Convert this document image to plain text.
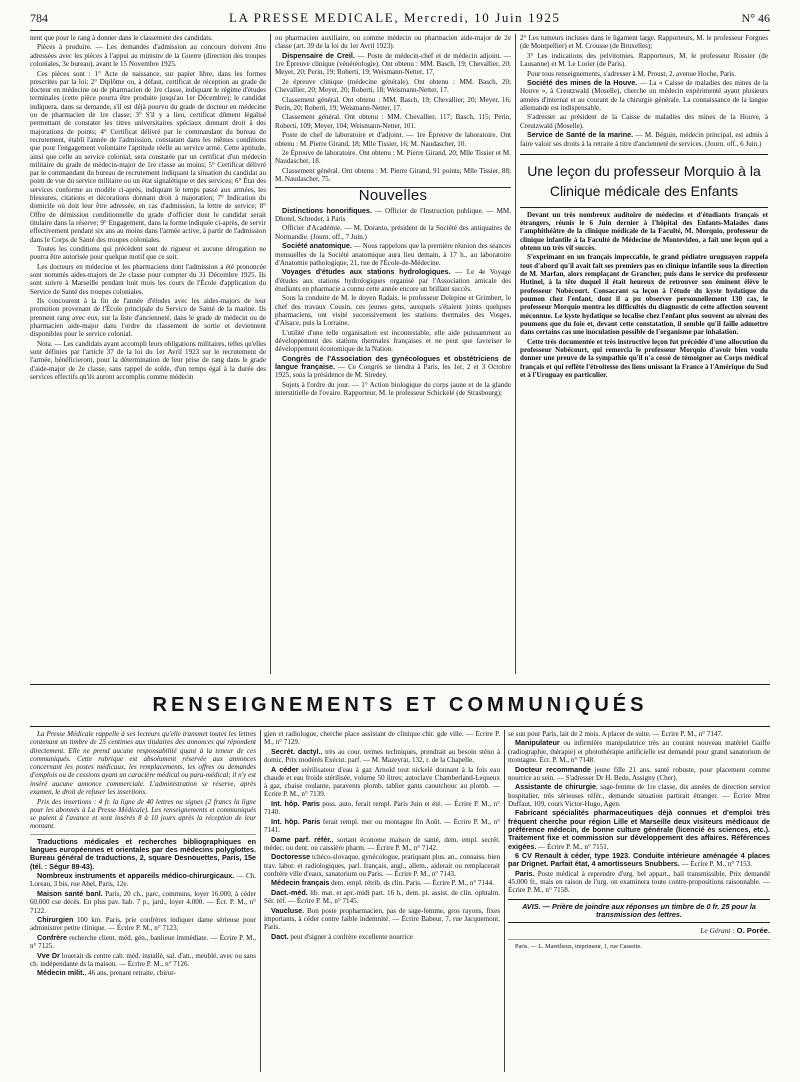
784	LA PRESSE MEDICALE, Mercredi, 10 Juin 1925	N° 46

nent que pour le rang à donner dans le classement des candidats.

Pièces à produire. — Les demandes d'admission au concours doivent être adressées avec les pièces à l'appui au ministre de la Guerre (direction des troupes coloniales, 3e bureau), avant le 15 Novembre 1925.

Ces pièces sont : 1° Acte de naissance, sur papier libre, dans les formes prescrites par la loi; 2° Diplôme ou, à défaut, certificat de réception au grade de docteur en médecine ou de pharmacien de 1re classe, indiquant le régime d'études terminales (cette pièce pourra être produite jusqu'au 1er Décembre); le candidat indiquera, dans sa demande, s'il est déjà pourvu du grade de docteur en médecine ou de pharmacien de 1re classe; 3° S'il y a lieu, certificat dûment légalisé permettant de constater les titres universitaires spéciaux donnant droit à des majorations de points; 4° Certificat délivré par le commandant du bureau de recrutement, établi l'année de l'admission, constatant dans les mêmes conditions que pour l'engagement volontaire l'aptitude réelle au service armé. Cette aptitude, ainsi que celle au service colonial, sera constatée par un certificat d'un médecin militaire du grade de médecin-major de 1re classe au moins; 5° Certificat délivré par le commandant du bureau de recrutement indiquant la situation du candidat au point de vue du service militaire ou un état signalétique et des services; 6° État des services conforme au modèle ci-après, indiquant le temps passé aux armées, les blessures, citations et décorations donnant droit à majoration; 7° Indication du domicile où doit leur être adressée, en cas d'admission, la lettre de service; 8° Offre de démission conditionnelle du grade d'officier dont le candidat serait titulaire dans la réserve; 9° Engagement, dans la forme indiquée ci-après, de servir effectivement pendant six ans au moins dans l'armée active, à partir de l'admission dans le Corps de Santé des troupes coloniales.

Toutes les conditions qui précèdent sont de rigueur et aucune dérogation ne pourra être autorisée pour quelque motif que ce soit.

Les docteurs en médecine et les pharmaciens dont l'admission a été prononcée sont nommés aides-majors de 2e classe pour compter du 31 Décembre 1925. Ils sont suivre à Marseille pendant huit mois les cours de l'École d'application du Service de Santé des troupes coloniales.

Ils concourent à la fin de l'année d'études avec les aides-majors de leur promotion provenant de l'École principale du Service de Santé de la marine. Ils prennent rang avec eux, sur la liste d'ancienneté, dans le grade de médecin ou de pharmacien aide-major dans l'ordre du classement de sortie et deviennent disponibles pour le service colonial.

Nota. — Les candidats ayant accompli leurs obligations militaires, telles qu'elles sont définies par l'article 37 de la loi du 1er Avril 1923 sur le recrutement de l'armée, bénéficieront, pour la détermination de leur prise de rang dans le grade d'aide-major de 2e classe, sans rappel de solde, d'un temps égal à la durée des services effectifs qu'ils auront accomplis comme médecin

ou pharmacien auxiliaire, ou comme médecin ou pharmacien aide-major de 2e classe (art. 39 de la loi du 1er Avril 1923).

Dispensaire de Creil. — Poste de médecin-chef et de médecin adjoint. — 1re Épreuve clinique (vénéréologie). Ont obtenu : MM. Basch, 19; Chevallier, 20; Meyer, 20; Perin, 19; Roberti, 19; Weismann-Netter, 17.

2e épreuve clinique (médecine générale). Ont obtenu : MM. Basch, 20; Chevallier, 20; Meyer, 20; Roberti, 18; Weismann-Netter, 17.

Classement général. Ont obtenu : MM. Basch, 19; Chevallier, 20; Meyer, 16; Perin, 20; Roberti, 19; Weismann-Netter, 17.

Classement général. Ont obtenu : MM. Chevallier, 117; Basch, 115; Perin, Roberti, 109; Meyer, 104; Weismann-Netter, 101.

Poste de chef de laboratoire et d'adjoint. — 1re Épreuve de laboratoire. Ont obtenu : M. Pierre Girand, 18; Mlle Tissier, 16; M. Naudascher, 10.

2e Épreuve de laboratoire. Ont obtenu : M. Pierre Girand, 20; Mlle Tissier et M. Naudascher, 18.

Classement général. Ont obtenu : M. Pierre Girand, 91 points; Mlle Tissier, 88; M. Naudascher, 75.

Nouvelles

Distinctions honorifiques. — Officier de l'Instruction publique. — MM. Dhotel, Schreder, à Paris

Officier d'Académie. — M. Doranto, président de la Société des antiquaires de Normandie. (Journ. off., 7 Juin.)

Société anatomique. — Nous rappelons que la première réunion des séances mensuelles de la Société anatomique aura lieu demain, à 17 h., au laboratoire d'Anatomie pathologique, 21, rue de l'École-de-Médecine.

Voyages d'études aux stations hydrologiques. — Le 4e Voyage d'études aux stations hydrologiques organisé par l'Association amicale des étudiants en pharmacie a connu cette année encore un brillant succès.

Sous la conduite de M. le doyen Radais, le professeur Delepine et Grimbert, le chef des travaux Cousin, ces jeunes gens, auxquels s'étaient joints quelques pharmaciens, ont visité successivement les stations thermales des Vosges, d'Alsace, puis la Lorraine.

L'utilité d'une telle organisation est incontestable, elle aide puissamment au développement des stations thermales françaises et ne peut que favoriser le développement économique de la Nation.

Congrès de l'Association des gynécologues et obstétriciens de langue française. — Ce Congrès se tiendra à Paris, les 1er, 2 et 3 Octobre 1925, sous la présidence de M. Siredey.

Sujets à l'ordre du jour. — 1° Action biologique du corps jaune et de la glande interstitielle de l'ovaire. Rapporteur, M. le professeur Schickelé (de Strasbourg);

2° Les tumeurs incluses dans le ligament large. Rapporteurs, M. le professeur Forgues (de Montpellier) et M. Crousse (de Bruxelles);

3° Les indications des pelvitomies. Rapporteurs, M. le professeur Rossier (de Lausanne) et M. Le Lorier (de Paris).

Pour tous renseignements, s'adresser à M. Proust, 2, avenue Hoche, Paris.

Société des mines de la Houve. — La « Caisse de maladies des mines de la Houve », à Creutzwald (Moselle), cherche un médecin expérimenté ayant plusieurs années d'internat et au courant de la chirurgie générale. La connaissance de la langue allemande est indispensable.

S'adresser au président de la Caisse de maladies des mines de la Houve, à Creutzwald (Moselle).

Service de Santé de la marine. — M. Béguin, médecin principal, est admis à faire valoir ses droits à la retraite à titre d'ancienneté de services. (Journ. off., 6 Juin.)

Une leçon du professeur Morquio à la Clinique médicale des Enfants

Devant un très nombreux auditoire de médecins et d'étudiants français et étrangers, réunis le 6 Juin dernier à l'hôpital des Enfants-Malades dans l'amphithéâtre de la clinique médicale de la Faculté, M. Morquio, professeur de clinique infantile à la Faculté de Médecine de Montevideo, a fait une leçon qui a obtenu un très vif succès.

S'exprimant en un français impeccable, le grand pédiatre uruguayen rappela tout d'abord qu'il avait fait ses premiers pas en clinique infantile sous la direction de M. Marfan, alors remplaçant de Grancher, puis dans le service du professeur Hutinel, à la tête duquel il était heureux de retrouver son éminent élève le professeur Nobécourt. Consacrant sa leçon à l'étude du kyste hydatique du poumon chez l'enfant, dont il a pu observer personnellement 130 cas, le professeur Morquio montra les difficultés du diagnostic de cette affection souvent méconnue. Le kyste hydatique se localise chez l'enfant plus souvent au niveau des poumons que du foie et, devant cette constatation, il semble qu'il faille admettre dans certains cas une inoculation possible de l'organisme par inhalation.

Cette très documentée et très instructive leçon fut précédée d'une allocution du professeur Nobécourt, qui remercia le professeur Morquio d'avoir bien voulu donner une preuve de la sympathie qu'il n'a cessé de témoigner au Corps médical français et qui reflète l'étroitesse des liens unissant la France à l'Amérique du Sud et à l'Uruguay en particulier.

RENSEIGNEMENTS ET COMMUNIQUÉS

La Presse Médicale rappelle à ses lecteurs qu'elle transmet toutes les lettres contenant un timbre de 25 centimes aux titulaires des annonces qui répondent directement. Elle ne prend aucune responsabilité quant à la teneur de ces communiqués. Cette rubrique est absolument réservée aux annonces concernant les postes médicaux, les remplacements, les offres ou demandes d'emplois ou de cessions ayant un caractère médical ou para-médical; il n'y est inséré aucune annonce commerciale. L'administration se réserve, après examen, le droit de refuser les insertions.

Prix des insertions : 4 fr. la ligne de 40 lettres ou signes (2 francs la ligne pour les abonnés à La Presse Médicale). Les renseignements et communiqués se paient à l'avance et sont insérés 8 à 10 jours après la réception de leur montant.

Traductions médicales et recherches bibliographiques en langues européennes et orientales par des médecins polyglottes. Bureau général de traductions, 2, square Desnouettes, Paris, 15e (tél. : Ségur 89-43).

Nombreux instruments et appareils médico-chirurgicaux. — Ch. Loreau, 3 bis, rue Abel, Paris, 12e.

Maison santé banl. Paris, 20 ch., parc, communs, loyer 16.000, à céder 60.000 cse décès. En plus pav. hab. 7 p., jard., loyer 4.000. — Écr. P. M., n° 7122.

Chirurgien 100 km. Paris, prie confrères indiquer dame sérieuse pour administrer petite clinique. — Écrire P. M., n° 7123.

Confrère recherche client. méd. gén., banlieue immédiate. — Écrire P. M., n° 7125.

Vve Dr louerait ds centre cab. méd. installé, sal. d'att., meublé, avec ou sans ch. indépendante ds la maison. — Écrire P. M., n° 7126.

Médecin milit., 46 ans, prenant retraite, chirur-

gien et radiologue, cherche place assistant de clinique chir. gde ville. — Écrire P. M., n° 7129.

Secrét. dactyl., très au cour. termes techniques, prendrait au besoin sténo à domic. Prix modérés Exécut. parf. — M. Mazeyrat, 132, r. de la Chapelle.

A céder stérilisateur d'eau à gaz Arnold tout nickelé donnant à la fois eau chaude et eau froide stérilisée, volume 50 litres; autoclave Chamberland-Lequeux à gaz, chaise roulante, paravents plomb, tablier gants caoutchouc au plomb. — Écrire P. M., n° 7139.

Int. hôp. Paris poss. auto, ferait rempl. Paris Juin et été. — Écrire P. M., n° 7140.

Int. hôp. Paris ferait rempl. mer ou montagne fin Août. — Écrire P. M., n° 7141.

Dame parf. référ., sortant économe maison de santé, dem. empl. secrét. médec. ou dent. ou caissière pharm. — Écrire P. M., n° 7142.

Doctoresse tchéco-slovaque, gynécologue, pratiquant plus. an., connaiss. bien trav. labor. et radiologiques, parl. français, angl., allem., aiderait ou remplacerait confrère ville d'eaux, sanatorium ou Paris. — Écrire P. M., n° 7143.

Médecin français dem. empl. rétrib. ds clin. Paris. — Écrire P. M., n° 7144.

Dact.-méd. lib. mat. et apr.-midi part. 16 h., dem. pl. assist. de clin. ophtalm. Sér. réf. — Écrire P. M., n° 7145.

Vaucluse. Bon poste propharmacien, pas de sage-femme, gros rayons, fixes importants, à céder contre faible indemnité. — Écrire Babeur, 7, rue Jacquemont, Paris.

Dact. peut d'signer à confrère excellente nourrice

se sun pour Paris, lait de 2 mois. A placer de suite. — Écrire P. M., n° 7147.

Manipulateur ou infirmière manipulatrice très au courant nouveau matériel Gaiffe (radiographie, thérapie) et photothérapie artificielle est demandé pour grand sanatorium de montagne. Écr. P. M., n° 7148.

Docteur recommande jeune fille 21 ans, santé robuste, pour placement comme nourrice au sein. — S'adresser Dr H. Bedu, Assigny (Cher).

Assistante de chirurgie, sage-femme de 1re classe, dix années de direction service hospitalier, très sérieuses référ., demande situation partirait étranger. — Écrire Mme Duffaut, 109, cours Victor-Hugo, Agen.

Fabricant spécialités pharmaceutiques déjà connues et d'emploi très fréquent cherche pour région Lille et Marseille deux visiteurs médicaux de préférence médecin, de bonne culture générale (licencié ès sciences, etc.). Traitement fixe et commission sur développement des affaires. Références exigées. — Écrire P. M., n° 7151.

6 CV Renault à céder, type 1923. Conduite intérieure aménagée 4 places par Drignet. Parfait état, 4 amortisseurs Snubbers. — Écrire P. M., n° 7153.

Paris. Poste médical à reprendre d'urg. bel appart., bail transmissible. Prix demandé 45.000 fr., mais en raison de l'urg. on examinera toute contre-propositions raisonnable. — Écrire P. M., n° 7158.

AVIS. — Prière de joindre aux réponses un timbre de 0 fr. 25 pour la transmission des lettres.
Le Gérant : O. Porée.

Paris. — L. Maretheux, imprimeur, 1, rue Cassette.
